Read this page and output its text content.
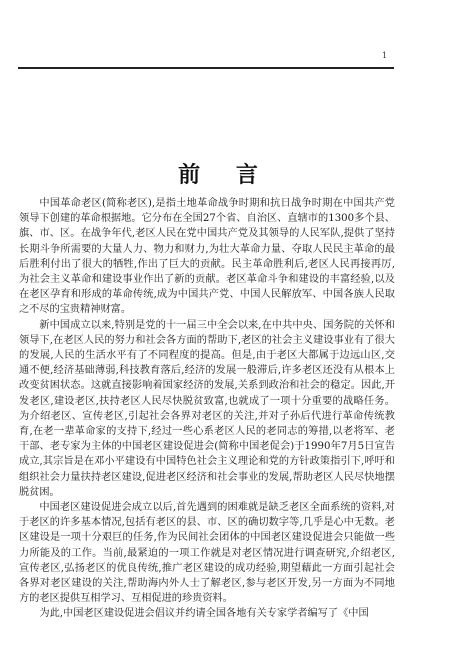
1
前 言

中国革命老区(简称老区),是指土地革命战争时期和抗日战争时期在中国共产党领导下创建的革命根据地。它分布在全国27个省、自治区、直辖市的1300多个县、旗、市、区。在战争年代,老区人民在党中国共产党及其领导的人民军队,提供了坚持长期斗争所需要的大量人力、物力和财力,为壮大革命力量、夺取人民民主革命的最后胜利付出了很大的牺牲,作出了巨大的贡献。民主革命胜利后,老区人民再接再厉,为社会主义革命和建设事业作出了新的贡献。老区革命斗争和建设的丰富经验,以及在老区孕育和形成的革命传统,成为中国共产党、中国人民解放军、中国各族人民取之不尽的宝贵精神财富。

新中国成立以来,特别是党的十一届三中全会以来,在中共中央、国务院的关怀和领导下,在老区人民的努力和社会各方面的帮助下,老区的社会主义建设事业有了很大的发展,人民的生活水平有了不同程度的提高。但是,由于老区大都属于边远山区,交通不便,经济基础薄弱,科技教育落后,经济的发展一般滞后,许多老区还没有从根本上改变贫困状态。这就直接影响着国家经济的发展,关系到政治和社会的稳定。因此,开发老区,建设老区,扶持老区人民尽快脱贫致富,也就成了一项十分重要的战略任务。为介绍老区、宣传老区,引起社会各界对老区的关注,并对子孙后代进行革命传统教育,在老一辈革命家的支持下,经过一些心系老区人民的老同志的筹措,以老将军、老干部、老专家为主体的中国老区建设促进会(简称中国老促会)于1990年7月5日宣告成立,其宗旨是在邓小平建设有中国特色社会主义理论和党的方针政策指引下,呼吁和组织社会力量扶持老区建设,促进老区经济和社会事业的发展,帮助老区人民尽快地摆脱贫困。

中国老区建设促进会成立以后,首先遇到的困难就是缺乏老区全面系统的资料,对于老区的许多基本情况,包括有老区的县、市、区的确切数字等,几乎是心中无数。老区建设是一项十分艰巨的任务,作为民间社会团体的中国老区建设促进会只能做一些力所能及的工作。当前,最紧迫的一项工作就是对老区情况进行调查研究,介绍老区,宣传老区,弘扬老区的优良传统,推广老区建设的成功经验,期望藉此一方面引起社会各界对老区建设的关注,帮助海内外人士了解老区,参与老区开发,另一方面为不同地方的老区提供互相学习、互相促进的珍贵资料。

为此,中国老区建设促进会倡议并约请全国各地有关专家学者编写了《中国
